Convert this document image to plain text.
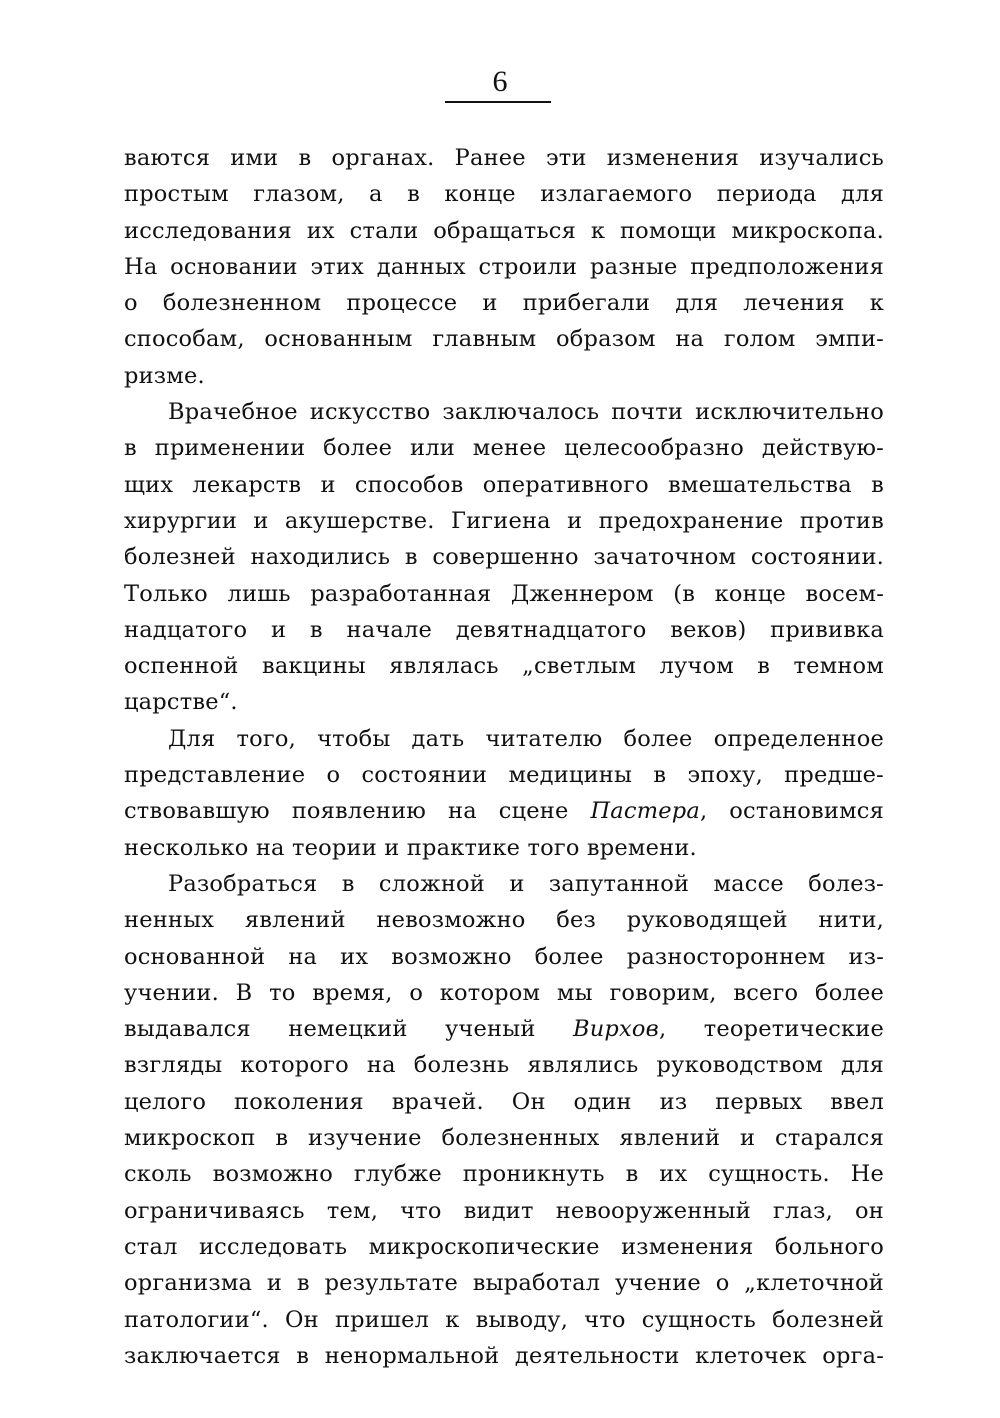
6
ваются ими в органах. Ранее эти изменения изучались
простым глазом, а в конце излагаемого периода для
исследования их стали обращаться к помощи микроскопа.
На основании этих данных строили разные предположения
о болезненном процессе и прибегали для лечения к
способам, основанным главным образом на голом эмпи-
ризме.
Врачебное искусство заключалось почти исключительно
в применении более или менее целесообразно действую-
щих лекарств и способов оперативного вмешательства в
хирургии и акушерстве. Гигиена и предохранение против
болезней находились в совершенно зачаточном состоянии.
Только лишь разработанная Дженнером (в конце восем-
надцатого и в начале девятнадцатого веков) прививка
оспенной вакцины являлась „светлым лучом в темном
царстве“.
Для того, чтобы дать читателю более определенное
представление о состоянии медицины в эпоху, предше-
ствовавшую появлению на сцене Пастера, остановимся
несколько на теории и практике того времени.
Разобраться в сложной и запутанной массе болез-
ненных явлений невозможно без руководящей нити,
основанной на их возможно более разностороннем из-
учении. В то время, о котором мы говорим, всего более
выдавался немецкий ученый Вирхов, теоретические
взгляды которого на болезнь являлись руководством для
целого поколения врачей. Он один из первых ввел
микроскоп в изучение болезненных явлений и старался
сколь возможно глубже проникнуть в их сущность. Не
ограничиваясь тем, что видит невооруженный глаз, он
стал исследовать микроскопические изменения больного
организма и в результате выработал учение о „клеточной
патологии“. Он пришел к выводу, что сущность болезней
заключается в ненормальной деятельности клеточек орга-
